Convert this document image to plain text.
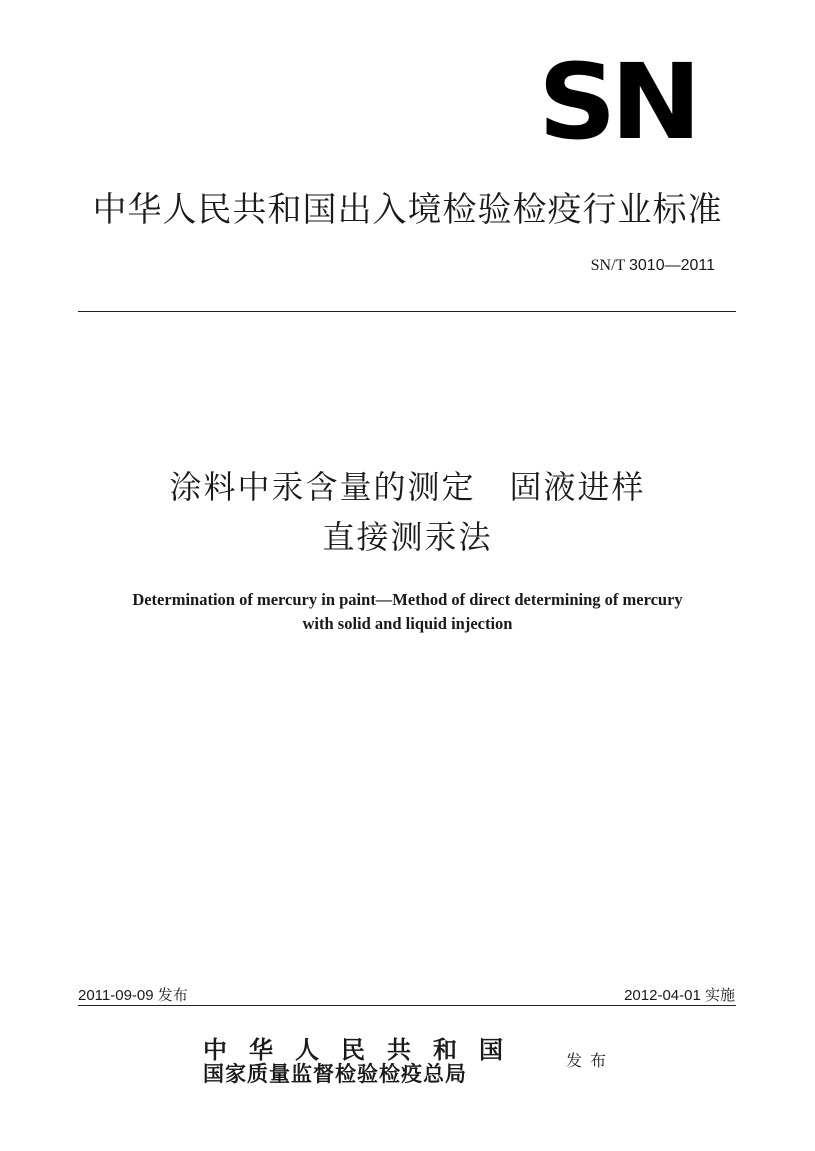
SN
中华人民共和国出入境检验检疫行业标准
SN/T 3010—2011
涂料中汞含量的测定　固液进样
直接测汞法
Determination of mercury in paint—Method of direct determining of mercury
with solid and liquid injection
2011-09-09 发布	2012-04-01 实施
中华人民共和国
国家质量监督检验检疫总局
发布
